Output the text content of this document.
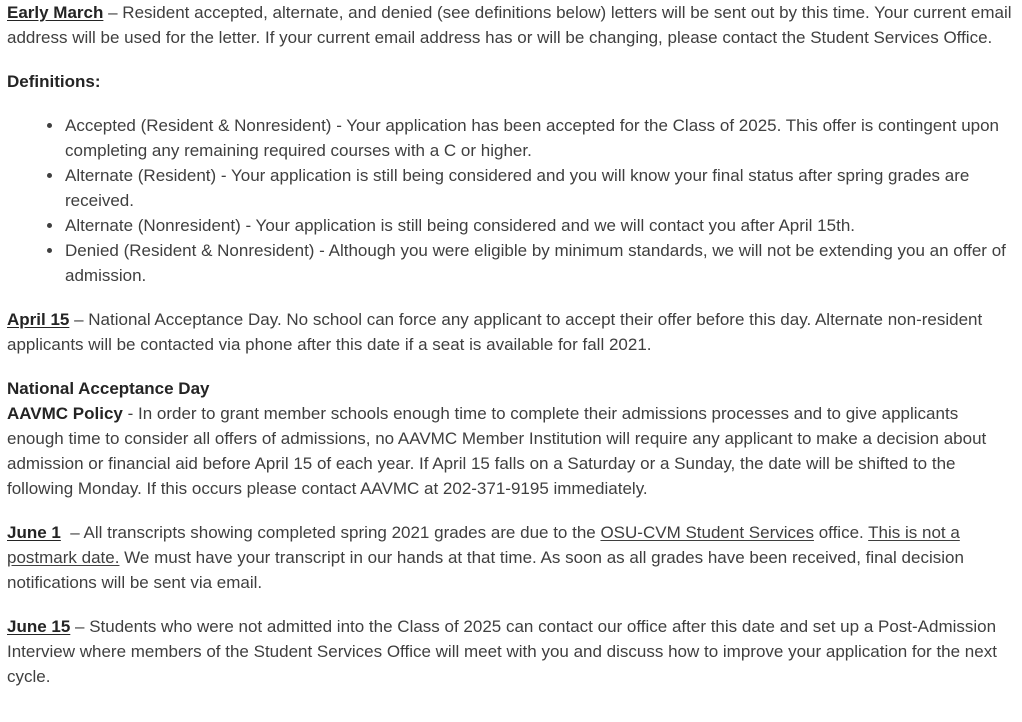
Early March – Resident accepted, alternate, and denied (see definitions below) letters will be sent out by this time. Your current email address will be used for the letter. If your current email address has or will be changing, please contact the Student Services Office.

Definitions:

• Accepted (Resident & Nonresident) - Your application has been accepted for the Class of 2025. This offer is contingent upon completing any remaining required courses with a C or higher.
• Alternate (Resident) - Your application is still being considered and you will know your final status after spring grades are received.
• Alternate (Nonresident) - Your application is still being considered and we will contact you after April 15th.
• Denied (Resident & Nonresident) - Although you were eligible by minimum standards, we will not be extending you an offer of admission.

April 15 – National Acceptance Day. No school can force any applicant to accept their offer before this day. Alternate non-resident applicants will be contacted via phone after this date if a seat is available for fall 2021.

National Acceptance Day
AAVMC Policy - In order to grant member schools enough time to complete their admissions processes and to give applicants enough time to consider all offers of admissions, no AAVMC Member Institution will require any applicant to make a decision about admission or financial aid before April 15 of each year. If April 15 falls on a Saturday or a Sunday, the date will be shifted to the following Monday. If this occurs please contact AAVMC at 202-371-9195 immediately.

June 1  – All transcripts showing completed spring 2021 grades are due to the OSU-CVM Student Services office. This is not a postmark date. We must have your transcript in our hands at that time. As soon as all grades have been received, final decision notifications will be sent via email.

June 15 – Students who were not admitted into the Class of 2025 can contact our office after this date and set up a Post-Admission Interview where members of the Student Services Office will meet with you and discuss how to improve your application for the next cycle.
